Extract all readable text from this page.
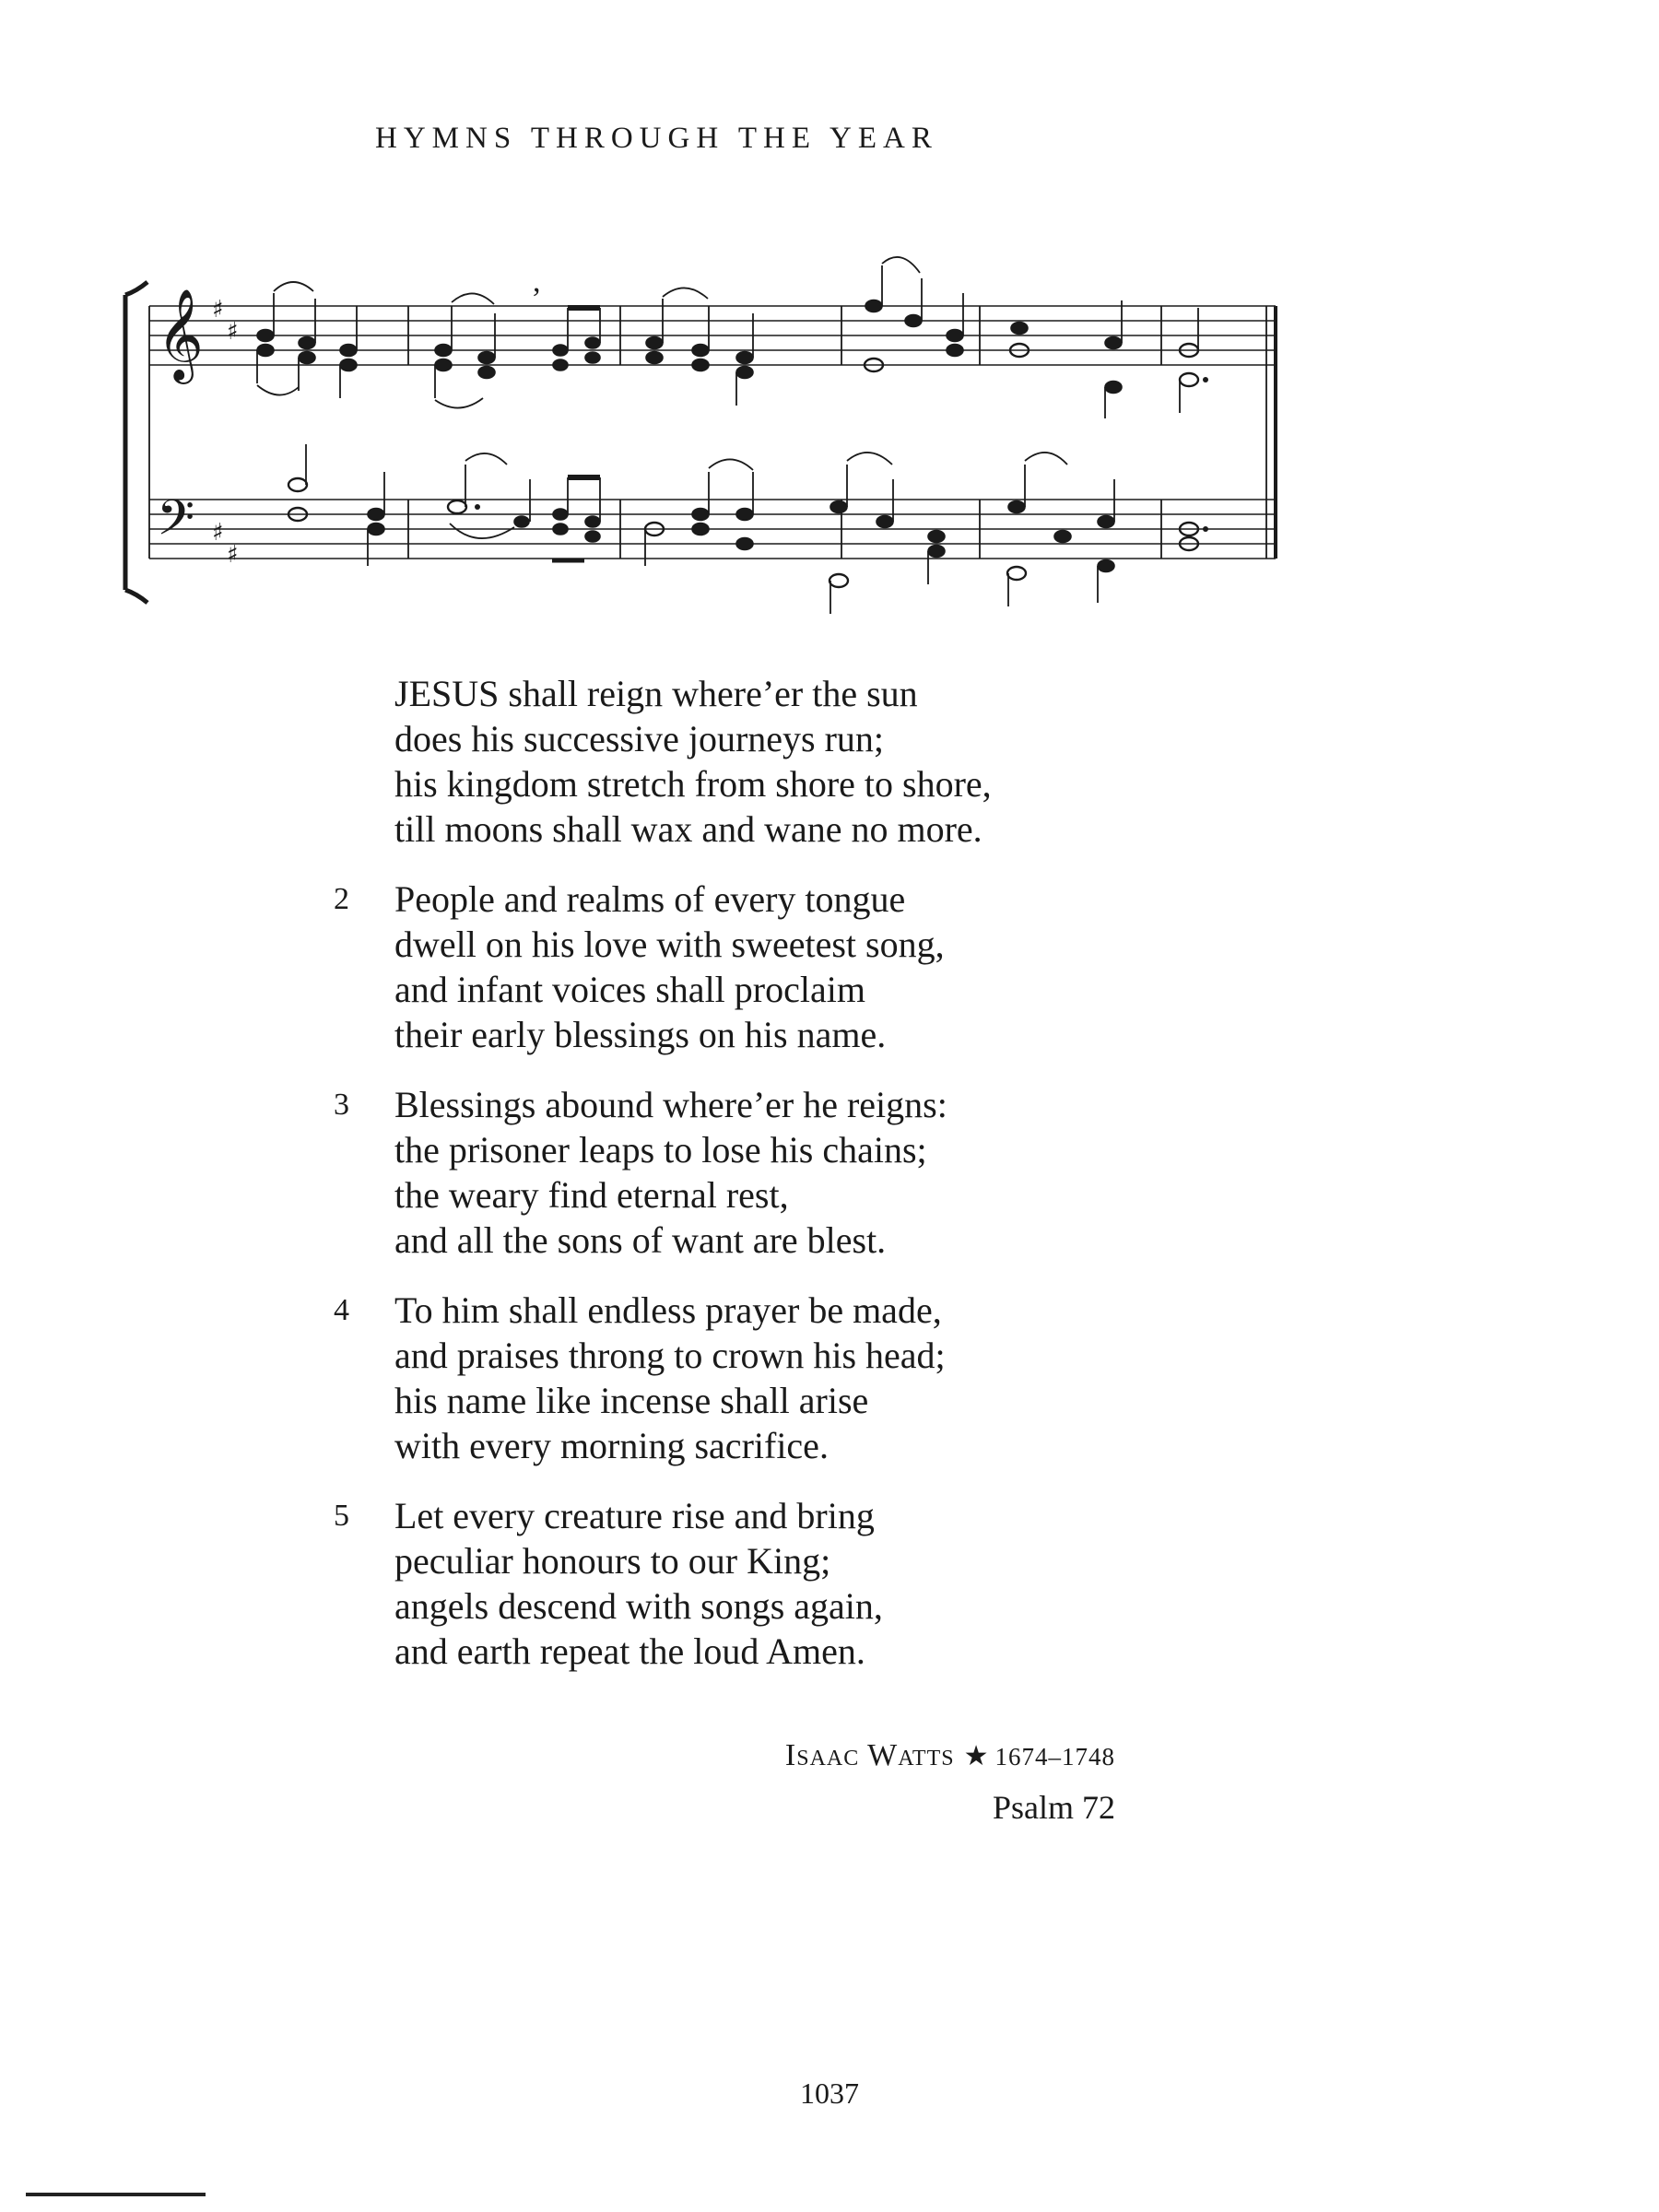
HYMNS THROUGH THE YEAR
𝄞
𝄢
♯
♯
♯
♯
,
JESUS shall reign where’er the sun
does his successive journeys run;
his kingdom stretch from shore to shore,
till moons shall wax and wane no more.
2	People and realms of every tongue
dwell on his love with sweetest song,
and infant voices shall proclaim
their early blessings on his name.
3	Blessings abound where’er he reigns:
the prisoner leaps to lose his chains;
the weary find eternal rest,
and all the sons of want are blest.
4	To him shall endless prayer be made,
and praises throng to crown his head;
his name like incense shall arise
with every morning sacrifice.
5	Let every creature rise and bring
peculiar honours to our King;
angels descend with songs again,
and earth repeat the loud Amen.
Isaac Watts ★ 1674–1748
Psalm 72
1037
